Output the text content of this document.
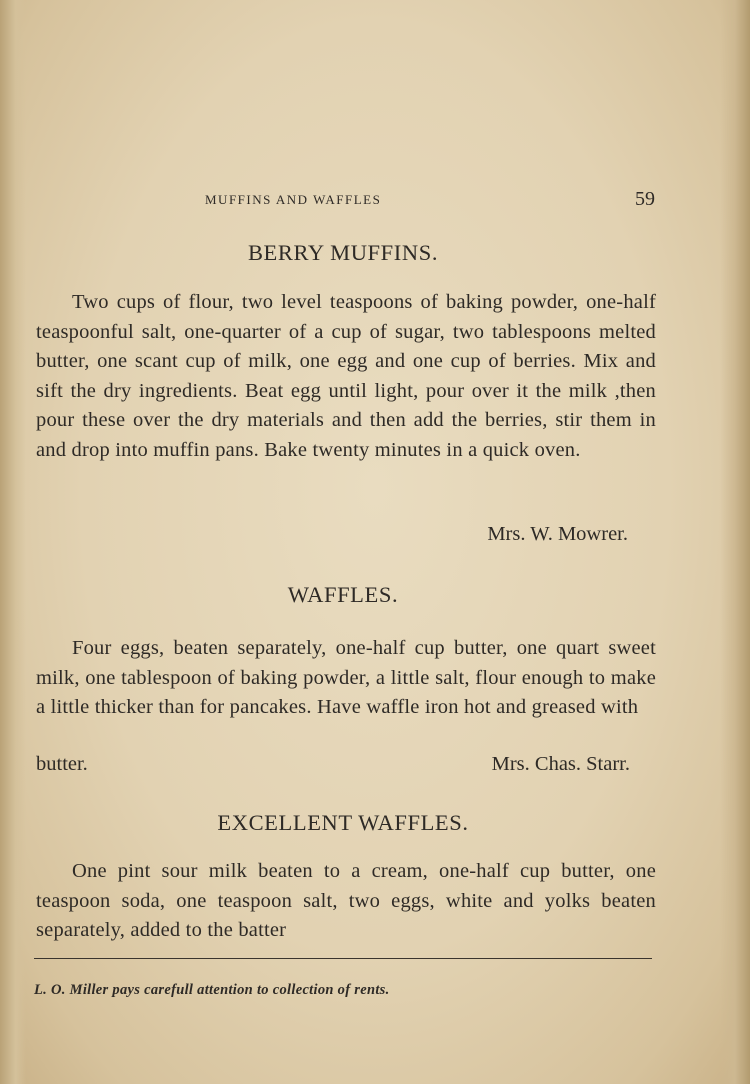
MUFFINS AND WAFFLES	59
BERRY MUFFINS.
Two cups of flour, two level teaspoons of baking powder, one-half teaspoonful salt, one-quarter of a cup of sugar, two tablespoons melted butter, one scant cup of milk, one egg and one cup of berries. Mix and sift the dry ingredients. Beat egg until light, pour over it the milk ,then pour these over the dry materials and then add the berries, stir them in and drop into muffin pans. Bake twenty minutes in a quick oven.
Mrs. W. Mowrer.
WAFFLES.
Four eggs, beaten separately, one-half cup butter, one quart sweet milk, one tablespoon of baking powder, a little salt, flour enough to make a little thicker than for pancakes. Have waffle iron hot and greased with
butter.	Mrs. Chas. Starr.
EXCELLENT WAFFLES.
One pint sour milk beaten to a cream, one-half cup butter, one teaspoon soda, one teaspoon salt, two eggs, white and yolks beaten separately, added to the batter
L. O. Miller pays carefull attention to collection of rents.
